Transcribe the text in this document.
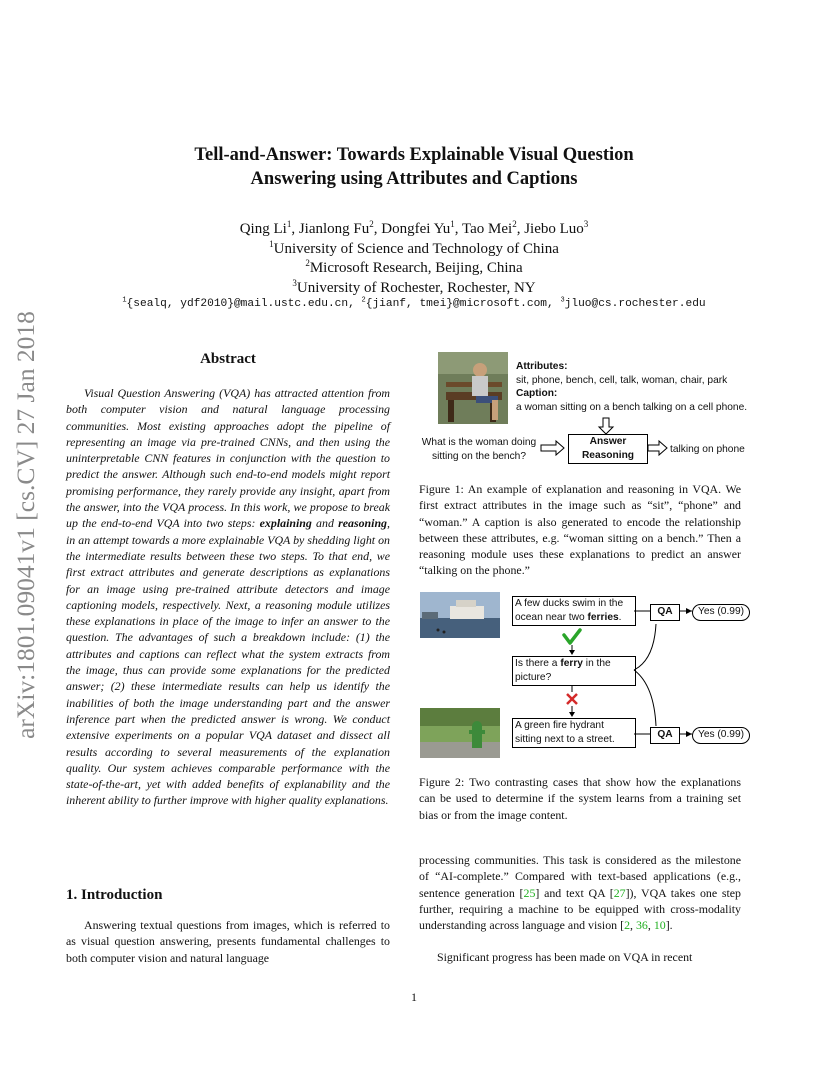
arXiv:1801.09041v1 [cs.CV] 27 Jan 2018
Tell-and-Answer: Towards Explainable Visual Question
Answering using Attributes and Captions
Qing Li$^1$, Jianlong Fu$^2$, Dongfei Yu$^1$, Tao Mei$^2$, Jiebo Luo$^3$
$^1$University of Science and Technology of China
$^2$Microsoft Research, Beijing, China
$^3$University of Rochester, Rochester, NY
$^1${sealq, ydf2010}@mail.ustc.edu.cn, $^2${jianf, tmei}@microsoft.com, $^3$jluo@cs.rochester.edu
Abstract
Visual Question Answering (VQA) has attracted attention from both computer vision and natural language processing communities. Most existing approaches adopt the pipeline of representing an image via pre-trained CNNs, and then using the uninterpretable CNN features in conjunction with the question to predict the answer. Although such end-to-end models might report promising performance, they rarely provide any insight, apart from the answer, into the VQA process. In this work, we propose to break up the end-to-end VQA into two steps: explaining and reasoning, in an attempt towards a more explainable VQA by shedding light on the intermediate results between these two steps. To that end, we first extract attributes and generate descriptions as explanations for an image using pre-trained attribute detectors and image captioning models, respectively. Next, a reasoning module utilizes these explanations in place of the image to infer an answer to the question. The advantages of such a breakdown include: (1) the attributes and captions can reflect what the system extracts from the image, thus can provide some explanations for the predicted answer; (2) these intermediate results can help us identify the inabilities of both the image understanding part and the answer inference part when the predicted answer is wrong. We conduct extensive experiments on a popular VQA dataset and dissect all results according to several measurements of the explanation quality. Our system achieves comparable performance with the state-of-the-art, yet with added benefits of explanability and the inherent ability to further improve with higher quality explanations.
1. Introduction
Answering textual questions from images, which is referred to as visual question answering, presents fundamental challenges to both computer vision and natural language
Attributes:
sit, phone, bench, cell, talk, woman, chair, park
Caption:
a woman sitting on a bench talking on a cell phone.
What is the woman doing
sitting on the bench?
Answer
Reasoning	talking on phone
Figure 1: An example of explanation and reasoning in VQA. We first extract attributes in the image such as “sit”, “phone” and “woman.” A caption is also generated to encode the relationship between these attributes, e.g. “woman sitting on a bench.” Then a reasoning module uses these explanations to predict an answer “talking on the phone.”
A few ducks swim in the ocean near two ferries.
Is there a ferry in the picture?
A green fire hydrant sitting next to a street.
QA
QA
Yes (0.99)
Yes (0.99)
Figure 2: Two contrasting cases that show how the explanations can be used to determine if the system learns from a training set bias or from the image content.
processing communities. This task is considered as the milestone of “AI-complete.” Compared with text-based applications (e.g., sentence generation [25] and text QA [27]), VQA takes one step further, requiring a machine to be equipped with cross-modality understanding across language and vision [2, 36, 10].
Significant progress has been made on VQA in recent
1
